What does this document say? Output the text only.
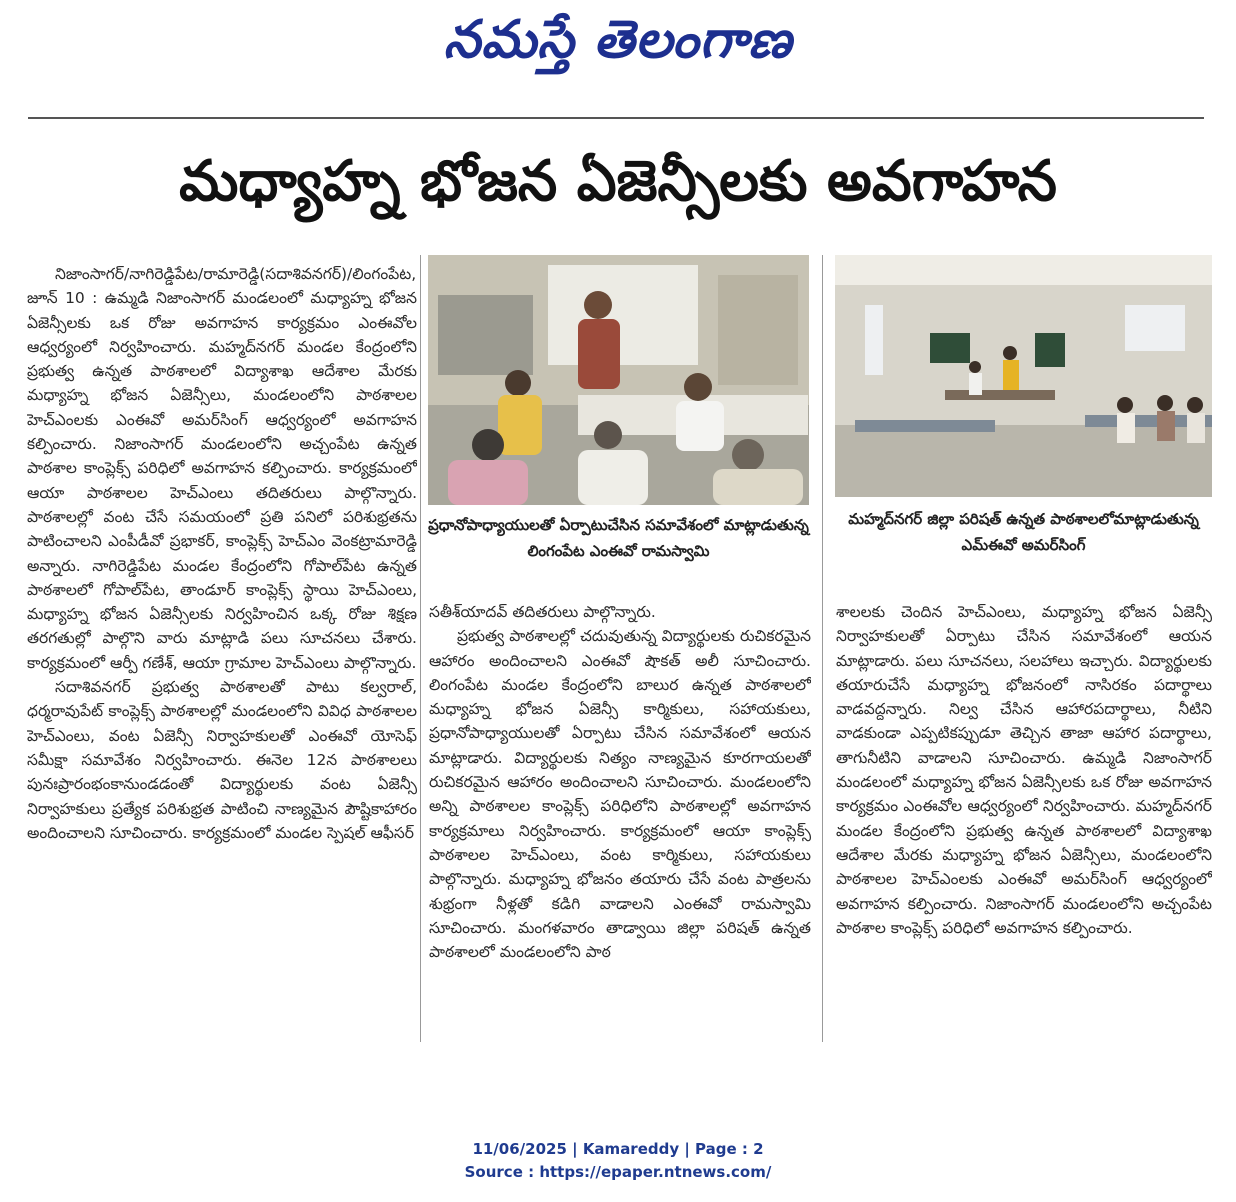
నమస్తే తెలంగాణ
మధ్యాహ్న భోజన ఏజెన్సీలకు అవగాహన

నిజాంసాగర్/నాగిరెడ్డిపేట/రామారెడ్డి(సదాశివనగర్)/లింగంపేట, జూన్ 10 : ఉమ్మడి నిజాంసాగర్ మండలంలో మధ్యాహ్న భోజన ఏజెన్సీలకు ఒక రోజు అవగాహన కార్యక్రమం ఎంఈవోల ఆధ్వర్యంలో నిర్వహించారు. మహ్మద్‌నగర్ మండల కేంద్రంలోని ప్రభుత్వ ఉన్నత పాఠశాలలో విద్యాశాఖ ఆదేశాల మేరకు మధ్యాహ్న భోజన ఏజెన్సీలు, మండలంలోని పాఠశాలల హెచ్‌ఎంలకు ఎంఈవో అమర్‌సింగ్ ఆధ్వర్యంలో అవగాహన కల్పించారు. నిజాంసాగర్ మండలంలోని అచ్చంపేట ఉన్నత పాఠశాల కాంప్లెక్స్ పరిధిలో అవగాహన కల్పించారు. కార్యక్రమంలో ఆయా పాఠశాలల హెచ్‌ఎంలు తదితరులు పాల్గొన్నారు. పాఠశాలల్లో వంట చేసే సమయంలో ప్రతి పనిలో పరిశుభ్రతను పాటించాలని ఎంపీడీవో ప్రభాకర్, కాంప్లెక్స్ హెచ్‌ఎం వెంకట్రామారెడ్డి అన్నారు. నాగిరెడ్డిపేట మండల కేంద్రంలోని గోపాల్‌పేట ఉన్నత పాఠశాలలో గోపాల్‌పేట, తాండూర్ కాంప్లెక్స్ స్థాయి హెచ్‌ఎంలు, మధ్యాహ్న భోజన ఏజెన్సీలకు నిర్వహించిన ఒక్క రోజు శిక్షణ తరగతుల్లో పాల్గొని వారు మాట్లాడి పలు సూచనలు చేశారు. కార్యక్రమంలో ఆర్పీ గణేశ్, ఆయా గ్రామాల హెచ్‌ఎంలు పాల్గొన్నారు.

సదాశివనగర్ ప్రభుత్వ పాఠశాలతో పాటు కల్వరాల్, ధర్మరావుపేట్ కాంప్లెక్స్ పాఠశాలల్లో మండలంలోని వివిధ పాఠశాలల హెచ్‌ఎంలు, వంట ఏజెన్సీ నిర్వాహకులతో ఎంఈవో యోసెఫ్ సమీక్షా సమావేశం నిర్వహించారు. ఈనెల 12న పాఠశాలలు పునఃప్రారంభంకానుండడంతో విద్యార్థులకు వంట ఏజెన్సీ నిర్వాహకులు ప్రత్యేక పరిశుభ్రత పాటించి నాణ్యమైన పౌష్టికాహారం అందించాలని సూచించారు. కార్యక్రమంలో మండల స్పెషల్ ఆఫీసర్

ప్రధానోపాధ్యాయులతో ఏర్పాటుచేసిన సమావేశంలో మాట్లాడుతున్న లింగంపేట ఎంఈవో రామస్వామి
మహ్మద్‌నగర్ జిల్లా పరిషత్ ఉన్నత పాఠశాలలోమాట్లాడుతున్న ఎమ్‌ఈవో అమర్‌సింగ్

సతీశ్‌యాదవ్ తదితరులు పాల్గొన్నారు.

ప్రభుత్వ పాఠశాలల్లో చదువుతున్న విద్యార్థులకు రుచికరమైన ఆహారం అందించాలని ఎంఈవో షౌకత్ అలీ సూచించారు. లింగంపేట మండల కేంద్రంలోని బాలుర ఉన్నత పాఠశాలలో మధ్యాహ్న భోజన ఏజెన్సీ కార్మికులు, సహాయకులు, ప్రధానోపాధ్యాయులతో ఏర్పాటు చేసిన సమావేశంలో ఆయన మాట్లాడారు. విద్యార్థులకు నిత్యం నాణ్యమైన కూరగాయలతో రుచికరమైన ఆహారం అందించాలని సూచించారు. మండలంలోని అన్ని పాఠశాలల కాంప్లెక్స్ పరిధిలోని పాఠశాలల్లో అవగాహన కార్యక్రమాలు నిర్వహించారు. కార్యక్రమంలో ఆయా కాంప్లెక్స్ పాఠశాలల హెచ్‌ఎంలు, వంట కార్మికులు, సహాయకులు పాల్గొన్నారు. మధ్యాహ్న భోజనం తయారు చేసే వంట పాత్రలను శుభ్రంగా నీళ్లతో కడిగి వాడాలని ఎంఈవో రామస్వామి సూచించారు. మంగళవారం తాడ్వాయి జిల్లా పరిషత్ ఉన్నత పాఠశాలలో మండలంలోని పాఠ

శాలలకు చెందిన హెచ్‌ఎంలు, మధ్యాహ్న భోజన ఏజెన్సీ నిర్వాహకులతో ఏర్పాటు చేసిన సమావేశంలో ఆయన మాట్లాడారు. పలు సూచనలు, సలహాలు ఇచ్చారు. విద్యార్థులకు తయారుచేసే మధ్యాహ్న భోజనంలో నాసిరకం పదార్థాలు వాడవద్దన్నారు. నిల్వ చేసిన ఆహారపదార్థాలు, నీటిని వాడకుండా ఎప్పటికప్పుడూ తెచ్చిన తాజా ఆహార పదార్థాలు, తాగునీటిని వాడాలని సూచించారు. ఉమ్మడి నిజాంసాగర్ మండలంలో మధ్యాహ్న భోజన ఏజెన్సీలకు ఒక రోజు అవగాహన కార్యక్రమం ఎంఈవోల ఆధ్వర్యంలో నిర్వహించారు. మహ్మద్‌నగర్ మండల కేంద్రంలోని ప్రభుత్వ ఉన్నత పాఠశాలలో విద్యాశాఖ ఆదేశాల మేరకు మధ్యాహ్న భోజన ఏజెన్సీలు, మండలంలోని పాఠశాలల హెచ్‌ఎంలకు ఎంఈవో అమర్‌సింగ్ ఆధ్వర్యంలో అవగాహన కల్పించారు. నిజాంసాగర్ మండలంలోని అచ్చంపేట పాఠశాల కాంప్లెక్స్ పరిధిలో అవగాహన కల్పించారు.

11/06/2025 | Kamareddy | Page : 2
Source : https://epaper.ntnews.com/
